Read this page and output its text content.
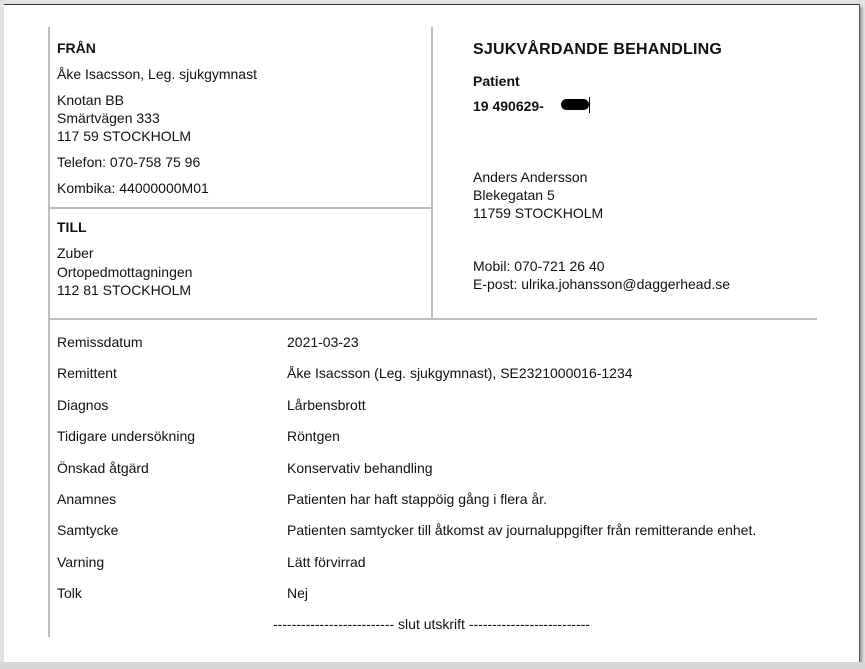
FRÅN
Åke Isacsson, Leg. sjukgymnast
Knotan BB
Smärtvägen 333
117 59 STOCKHOLM
Telefon: 070-758 75 96
Kombika: 44000000M01
TILL
Zuber
Ortopedmottagningen
112 81 STOCKHOLM
SJUKVÅRDANDE BEHANDLING
Patient
19 490629-
Anders Andersson
Blekegatan 5
11759 STOCKHOLM
Mobil: 070-721 26 40
E-post: ulrika.johansson@daggerhead.se
Remissdatum	2021-03-23
Remittent	Åke Isacsson (Leg. sjukgymnast), SE2321000016-1234
Diagnos	Lårbensbrott
Tidigare undersökning	Röntgen
Önskad åtgärd	Konservativ behandling
Anamnes	Patienten har haft stappöig gång i flera år.
Samtycke	Patienten samtycker till åtkomst av journaluppgifter från remitterande enhet.
Varning	Lätt förvirrad
Tolk	Nej
-------------------------- slut utskrift --------------------------
